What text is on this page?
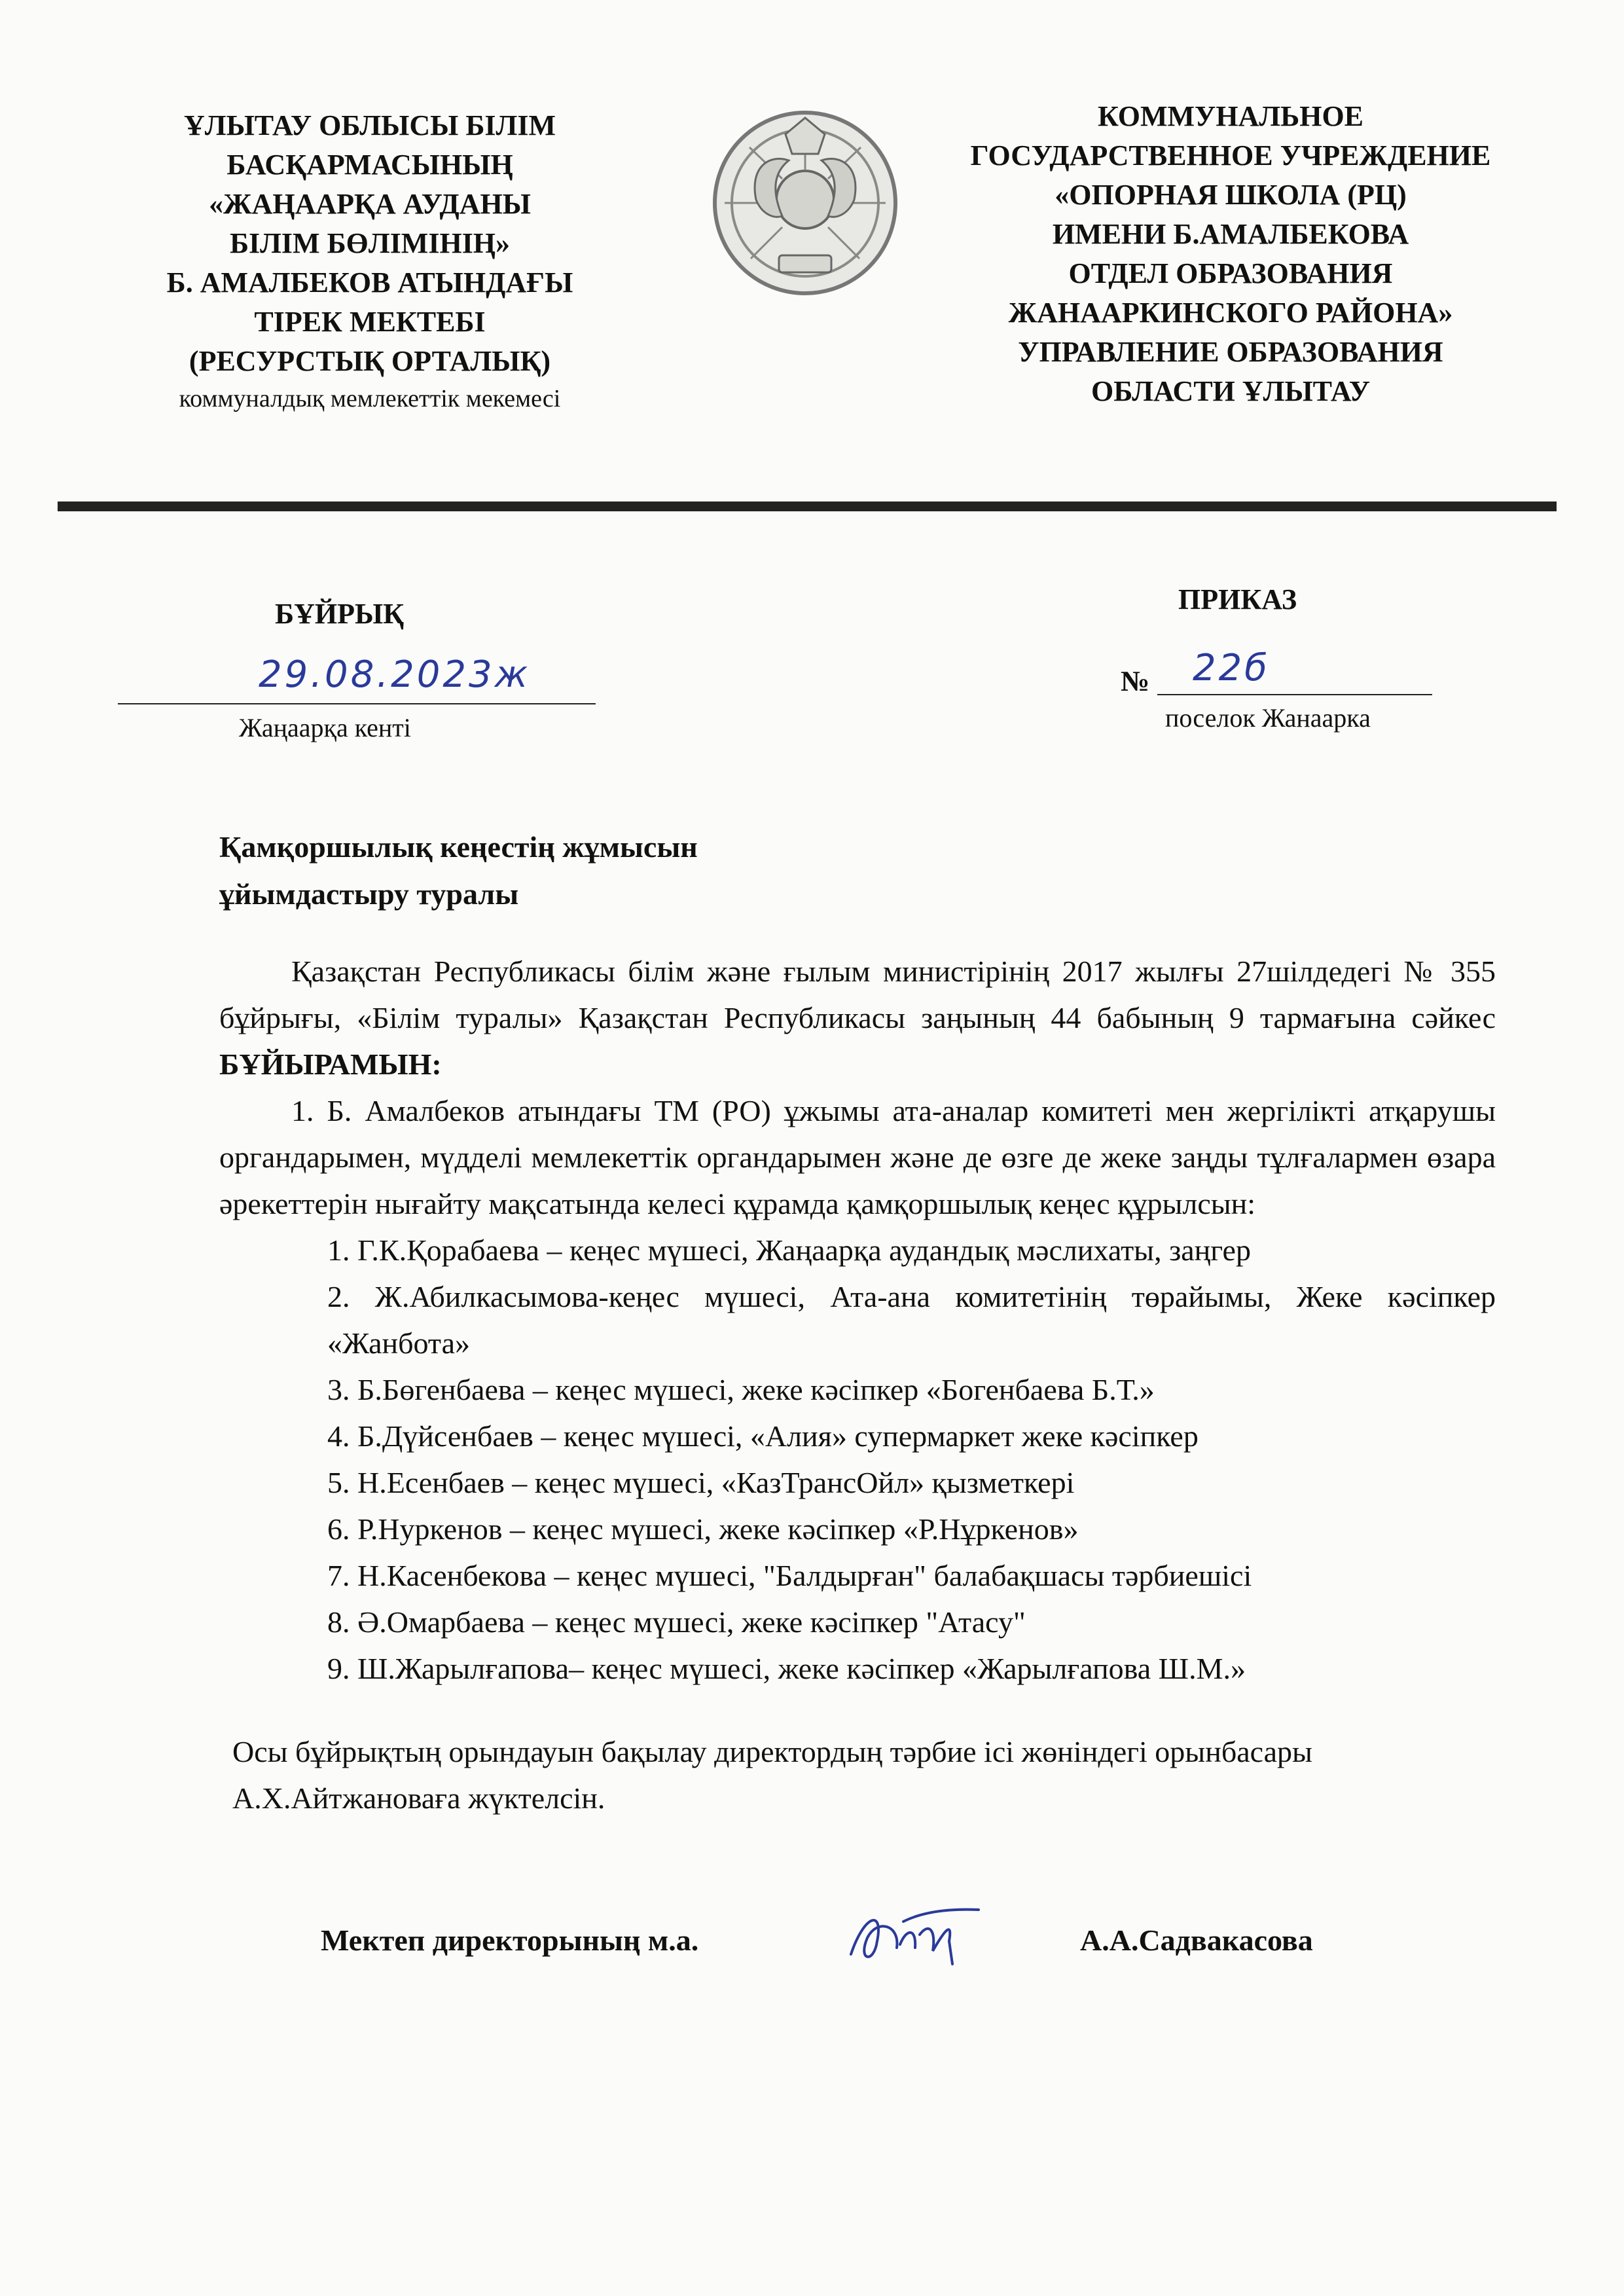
ҰЛЫТАУ ОБЛЫСЫ БІЛІМ
БАСҚАРМАСЫНЫҢ
«ЖАҢААРҚА АУДАНЫ
БІЛІМ БӨЛІМІНІҢ»
Б. АМАЛБЕКОВ АТЫНДАҒЫ
ТІРЕК МЕКТЕБІ
(РЕСУРСТЫҚ ОРТАЛЫҚ)
коммуналдық мемлекеттік мекемесі
КОММУНАЛЬНОЕ
ГОСУДАРСТВЕННОЕ УЧРЕЖДЕНИЕ
«ОПОРНАЯ ШКОЛА (РЦ)
ИМЕНИ Б.АМАЛБЕКОВА
ОТДЕЛ ОБРАЗОВАНИЯ
ЖАНААРКИНСКОГО РАЙОНА»
УПРАВЛЕНИЕ ОБРАЗОВАНИЯ
ОБЛАСТИ ҰЛЫТАУ
БҰЙРЫҚ	ПРИКАЗ
29.08.2023ж
Жаңаарқа кенті
№ 22б
поселок Жанаарка
Қамқоршылық кеңестің жұмысын
ұйымдастыру туралы
Қазақстан Республикасы білім және ғылым министірінің 2017 жылғы 27шілдедегі № 355 бұйрығы, «Білім туралы» Қазақстан Республикасы заңының 44 бабының 9 тармағына сәйкес БҰЙЫРАМЫН:
1. Б. Амалбеков атындағы ТМ (РО) ұжымы ата-аналар комитеті мен жергілікті атқарушы органдарымен, мүдделі мемлекеттік органдарымен және де өзге де жеке заңды тұлғалармен өзара әрекеттерін нығайту мақсатында келесі құрамда қамқоршылық кеңес құрылсын:
1. Г.К.Қорабаева – кеңес мүшесі, Жаңаарқа аудандық мәслихаты, заңгер
2. Ж.Абилкасымова-кеңес мүшесі, Ата-ана комитетінің төрайымы, Жеке кәсіпкер «Жанбота»
3. Б.Бөгенбаева – кеңес мүшесі, жеке кәсіпкер «Богенбаева Б.Т.»
4. Б.Дүйсенбаев – кеңес мүшесі, «Алия» супермаркет жеке кәсіпкер
5. Н.Есенбаев – кеңес мүшесі, «КазТрансОйл» қызметкері
6. Р.Нуркенов – кеңес мүшесі, жеке кәсіпкер «Р.Нұркенов»
7. Н.Касенбекова – кеңес мүшесі, "Балдырған" балабақшасы тәрбиешісі
8. Ә.Омарбаева – кеңес мүшесі, жеке кәсіпкер "Атасу"
9. Ш.Жарылғапова– кеңес мүшесі, жеке кәсіпкер «Жарылғапова Ш.М.»
Осы бұйрықтың орындауын бақылау директордың тәрбие ісі жөніндегі орынбасары А.Х.Айтжановаға жүктелсін.
Мектеп директорының м.а.	А.А.Садвакасова
